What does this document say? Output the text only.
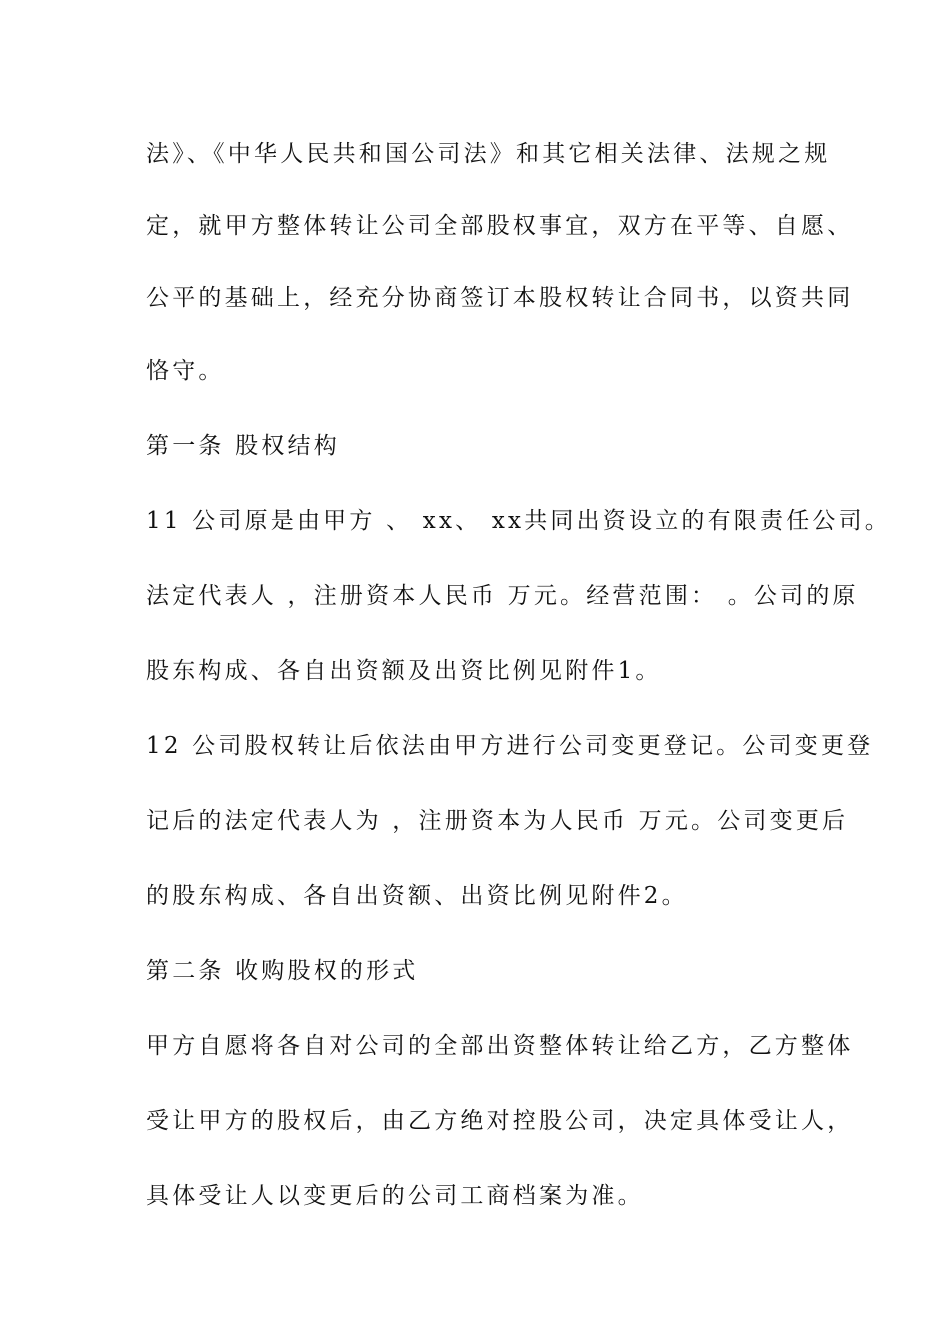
法》、《中华人民共和国公司法》和其它相关法律、法规之规
定，就甲方整体转让公司全部股权事宜，双方在平等、自愿、
公平的基础上，经充分协商签订本股权转让合同书，以资共同
恪守。
第一条 股权结构
11 公司原是由甲方 、 xx、 xx共同出资设立的有限责任公司。
法定代表人 ，注册资本人民币 万元。经营范围： 。公司的原
股东构成、各自出资额及出资比例见附件1。
12 公司股权转让后依法由甲方进行公司变更登记。公司变更登
记后的法定代表人为 ，注册资本为人民币 万元。公司变更后
的股东构成、各自出资额、出资比例见附件2。
第二条 收购股权的形式
甲方自愿将各自对公司的全部出资整体转让给乙方，乙方整体
受让甲方的股权后，由乙方绝对控股公司，决定具体受让人，
具体受让人以变更后的公司工商档案为准。
